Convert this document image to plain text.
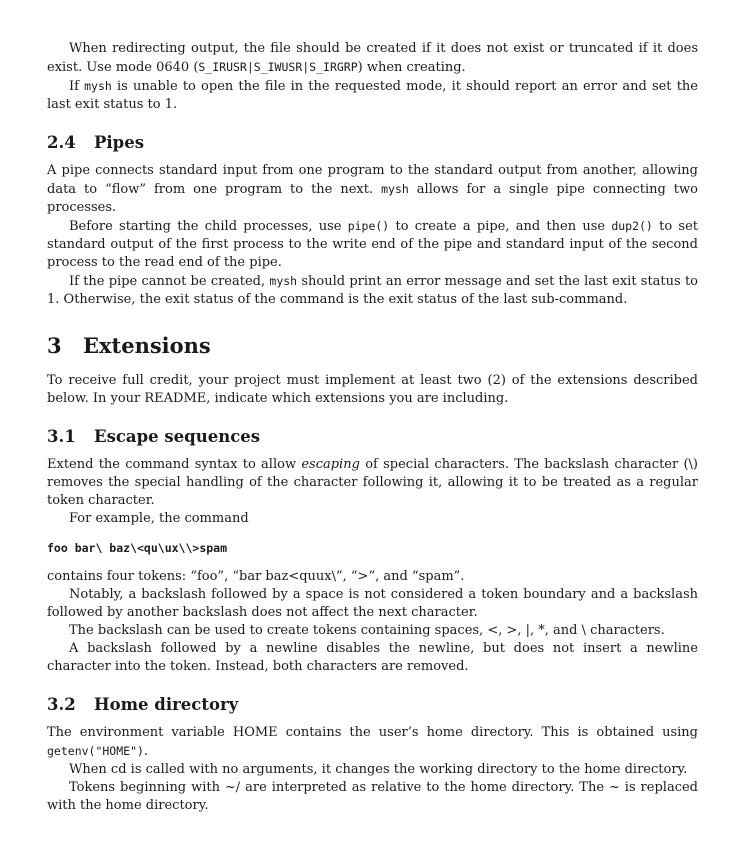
When redirecting output, the file should be created if it does not exist or truncated if it does exist. Use mode 0640 (S_IRUSR|S_IWUSR|S_IRGRP) when creating.

If mysh is unable to open the file in the requested mode, it should report an error and set the last exit status to 1.

2.4 Pipes

A pipe connects standard input from one program to the standard output from another, allowing data to “flow” from one program to the next. mysh allows for a single pipe connecting two processes.

Before starting the child processes, use pipe() to create a pipe, and then use dup2() to set standard output of the first process to the write end of the pipe and standard input of the second process to the read end of the pipe.

If the pipe cannot be created, mysh should print an error message and set the last exit status to 1. Otherwise, the exit status of the command is the exit status of the last sub-command.

3 Extensions

To receive full credit, your project must implement at least two (2) of the extensions described below. In your README, indicate which extensions you are including.

3.1 Escape sequences

Extend the command syntax to allow escaping of special characters. The backslash character (\) removes the special handling of the character following it, allowing it to be treated as a regular token character.

For example, the command

foo bar\ baz\<qu\ux\\>spam

contains four tokens: “foo”, “bar baz<quux\”, “>”, and “spam”.

Notably, a backslash followed by a space is not considered a token boundary and a backslash followed by another backslash does not affect the next character.

The backslash can be used to create tokens containing spaces, <, >, |, *, and \ characters.

A backslash followed by a newline disables the newline, but does not insert a newline character into the token. Instead, both characters are removed.

3.2 Home directory

The environment variable HOME contains the user’s home directory. This is obtained using getenv("HOME").

When cd is called with no arguments, it changes the working directory to the home directory.

Tokens beginning with ~/ are interpreted as relative to the home directory. The ~ is replaced with the home directory.
